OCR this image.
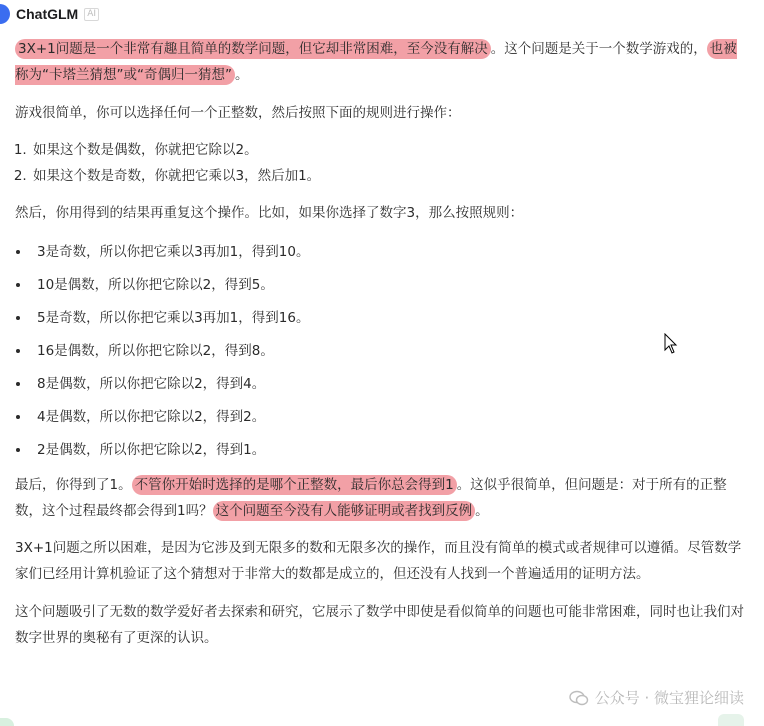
ChatGLM	AI

3X+1问题是一个非常有趣且简单的数学问题，但它却非常困难，至今没有解决 。这个问题是关于一个数学游戏的， 也被称为“卡塔兰猜想”或“奇偶归一猜想” 。

游戏很简单，你可以选择任何一个正整数，然后按照下面的规则进行操作：

1. 如果这个数是偶数，你就把它除以2。
2. 如果这个数是奇数，你就把它乘以3，然后加1。

然后，你用得到的结果再重复这个操作。比如，如果你选择了数字3，那么按照规则：

• 3是奇数，所以你把它乘以3再加1，得到10。
• 10是偶数，所以你把它除以2，得到5。
• 5是奇数，所以你把它乘以3再加1，得到16。
• 16是偶数，所以你把它除以2，得到8。
• 8是偶数，所以你把它除以2，得到4。
• 4是偶数，所以你把它除以2，得到2。
• 2是偶数，所以你把它除以2，得到1。

最后，你得到了1。 不管你开始时选择的是哪个正整数，最后你总会得到1 。这似乎很简单，但问题是：对于所有的正整数，这个过程最终都会得到1吗？ 这个问题至今没有人能够证明或者找到反例 。

3X+1问题之所以困难，是因为它涉及到无限多的数和无限多次的操作，而且没有简单的模式或者规律可以遵循。尽管数学家们已经用计算机验证了这个猜想对于非常大的数都是成立的，但还没有人找到一个普遍适用的证明方法。

这个问题吸引了无数的数学爱好者去探索和研究，它展示了数学中即使是看似简单的问题也可能非常困难，同时也让我们对数字世界的奥秘有了更深的认识。

公众号 · 微宝狸论细读
